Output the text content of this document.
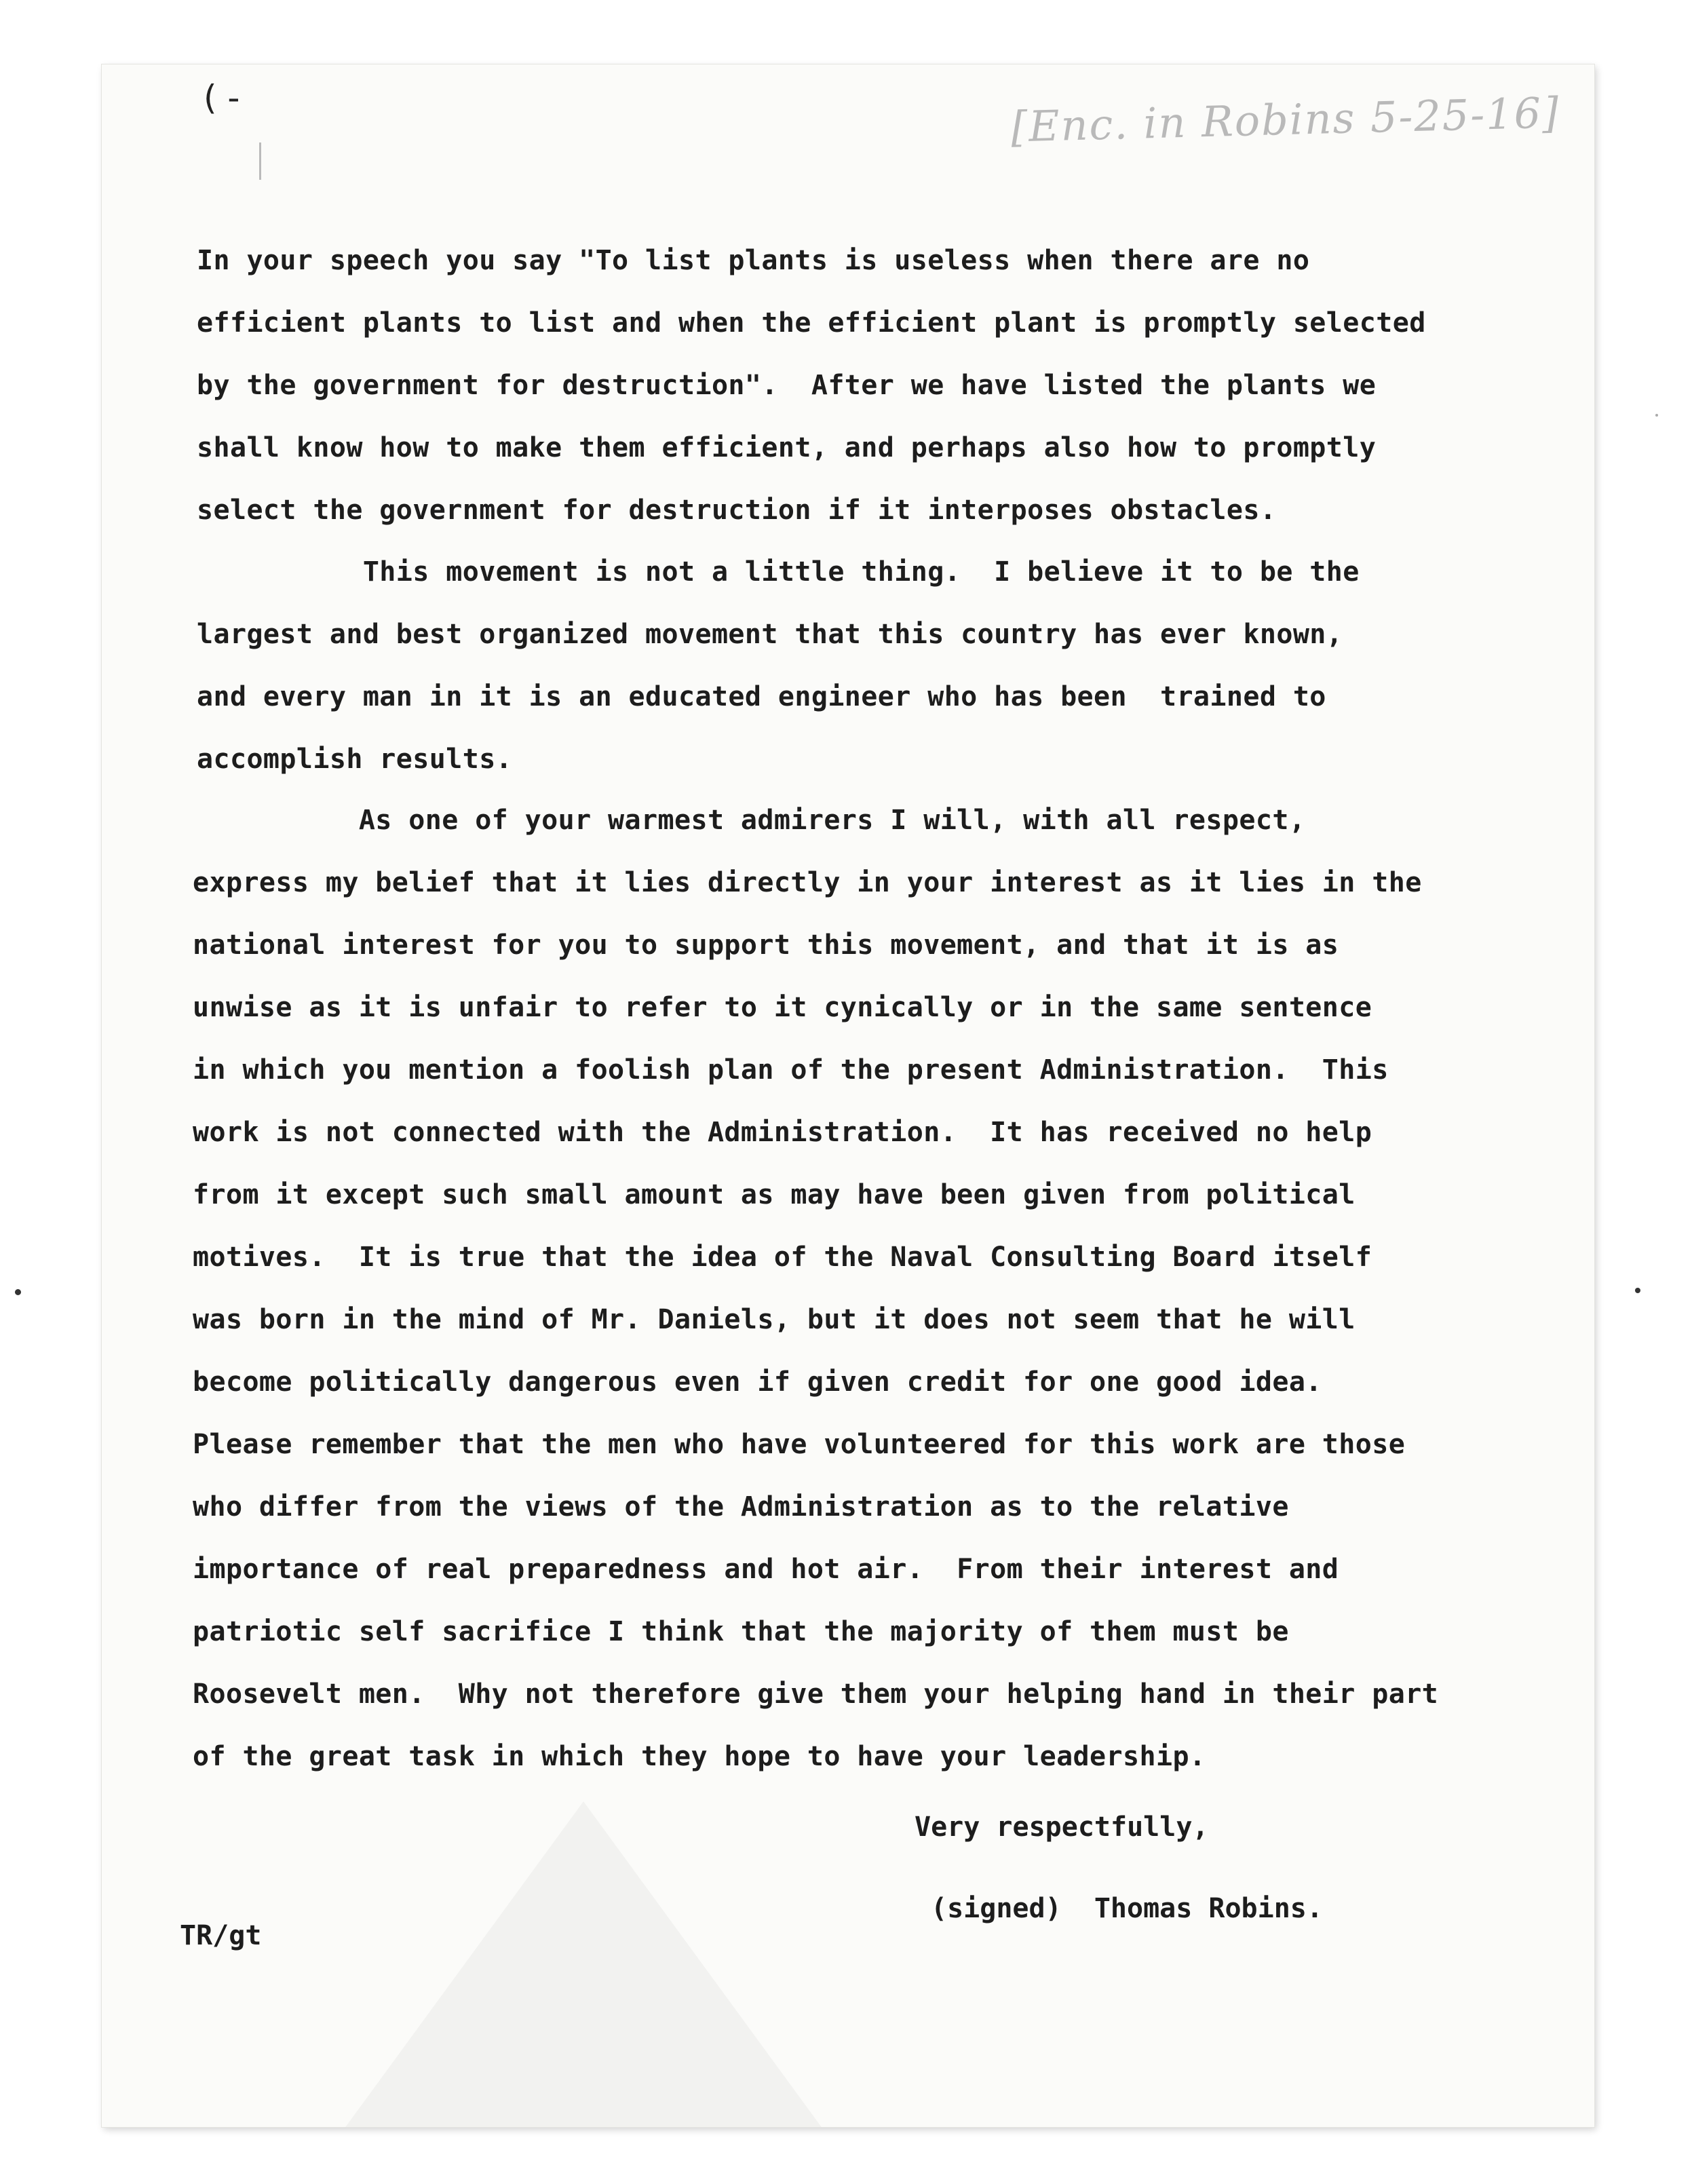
( -	[Enc. in Robins 5-25-16]

In your speech you say "To list plants is useless when there are no
efficient plants to list and when the efficient plant is promptly selected
by the government for destruction".  After we have listed the plants we
shall know how to make them efficient, and perhaps also how to promptly
select the government for destruction if it interposes obstacles.

This movement is not a little thing.  I believe it to be the
largest and best organized movement that this country has ever known,
and every man in it is an educated engineer who has been  trained to
accomplish results.

As one of your warmest admirers I will, with all respect,
express my belief that it lies directly in your interest as it lies in the
national interest for you to support this movement, and that it is as
unwise as it is unfair to refer to it cynically or in the same sentence
in which you mention a foolish plan of the present Administration.  This
work is not connected with the Administration.  It has received no help
from it except such small amount as may have been given from political
motives.  It is true that the idea of the Naval Consulting Board itself
was born in the mind of Mr. Daniels, but it does not seem that he will
become politically dangerous even if given credit for one good idea.
Please remember that the men who have volunteered for this work are those
who differ from the views of the Administration as to the relative
importance of real preparedness and hot air.  From their interest and
patriotic self sacrifice I think that the majority of them must be
Roosevelt men.  Why not therefore give them your helping hand in their part
of the great task in which they hope to have your leadership.

Very respectfully,
(signed)  Thomas Robins.
TR/gt
